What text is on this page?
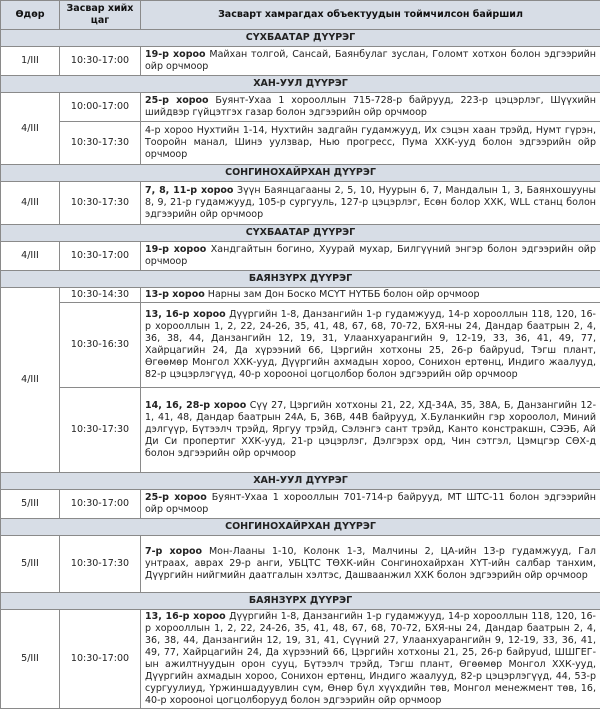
Өдөр	Засвар хийх цаг	Засварт хамрагдах объектуудын тоймчилсон байршил
СҮХБААТАР ДҮҮРЭГ		
1/III	10:30-17:00	19-р хороо Майхан толгой, Сансай, Баянбулаг зуслан, Голомт хотхон болон эдгээрийн ойр орчмоор
ХАН-УУЛ ДҮҮРЭГ		
4/III	10:00-17:00	25-р хороо Буянт-Ухаа 1 хорооллын 715-728-р байрууд, 223-р цэцэрлэг, Шүүхийн шийдвэр гүйцэтгэх газар болон эдгээрийн ойр орчмоор
	10:30-17:30	4-р хороо Нухтийн 1-14, Нухтийн задгайн гудамжууд, Их сэцэн хаан трэйд, Нумт гүрэн, Тооройн манал, Шинэ уулзвар, Нью прогресс, Пума ХХК-ууд болон эдгээрийн ойр орчмоор
СОНГИНОХАЙРХАН ДҮҮРЭГ		
4/III	10:30-17:30	7, 8, 11-р хороо Зүүн Баянцагааны 2, 5, 10, Нуурын 6, 7, Мандалын 1, 3, Баянхошууны 8, 9, 21-р гудамжууд, 105-р сургууль, 127-р цэцэрлэг, Есөн болор ХХК, WLL станц болон эдгээрийн ойр орчмоор
СҮХБААТАР ДҮҮРЭГ		
4/III	10:30-17:00	19-р хороо Хандгайтын богино, Хуурай мухар, Билгүүний энгэр болон эдгээрийн ойр орчмоор
БАЯНЗҮРХ ДҮҮРЭГ		
4/III	10:30-14:30	13-р хороо Нарны зам Дон Боско МСҮТ НҮТББ болон ойр орчмоор
	10:30-16:30	13, 16-р хороо Дүүргийн 1-8, Данзангийн 1-р гудамжууд, 14-р хорооллын 118, 120, 16-р хорооллын 1, 2, 22, 24-26, 35, 41, 48, 67, 68, 70-72, БХЯ-ны 24, Дандар баатрын 2, 4, 36, 38, 44, Данзангийн 12, 19, 31, Улаанхуарангийн 9, 12-19, 33, 36, 41, 49, 77, Хайрцагийн 24, Да хүрээний 66, Цэргийн хотхоны 25, 26-р байруud, Тэгш плант, Өгөөмөр Монгол ХХК-ууд, Дүүргийн ахмадын хороо, Сонихон ертөнц, Индиго жаалууд, 82-р цэцэрлэгүүд, 40-р хороонoi цогцолбор болон эдгээрийн ойр орчмоор
	10:30-17:30	14, 16, 28-р хороо Сүү 27, Цэргийн хотхоны 21, 22, ХД-34А, 35, 38А, Б, Данзангийн 12-1, 41, 48, Дандар баатрын 24А, Б, 36В, 44В байрууд, Х.Буланкийн гэр хороолол, Миний дэлгүүр, Бүтээлч трэйд, Яргуу трэйд, Сэлэнгэ сант трэйд, Канто констракшн, СЭЭБ, Ай Ди Си пропертиг ХХК-ууд, 21-р цэцэрлэг, Дэлгэрэх орд, Чин сэтгэл, Цэмцгэр СӨХ-д болон эдгээрийн ойр орчмоор
ХАН-УУЛ ДҮҮРЭГ		
5/III	10:30-17:00	25-р хороо Буянт-Ухаа 1 хорооллын 701-714-р байрууд, МТ ШТС-11 болон эдгээрийн ойр орчмоор
СОНГИНОХАЙРХАН ДҮҮРЭГ		
5/III	10:30-17:30	7-р хороо Мон-Лааны 1-10, Колонк 1-3, Малчины 2, ЦА-ийн 13-р гудамжууд, Гал унтраах, аврах 29-р анги, УБЦТС ТӨХК-ийн Сонгинохайрхан ХҮТ-ийн салбар танхим, Дүүргийн нийгмийн даатгалын хэлтэс, Дашваанжил ХХК болон эдгээрийн ойр орчмоор
БАЯНЗҮРХ ДҮҮРЭГ		
5/III	10:30-17:00	13, 16-р хороо Дүүргийн 1-8, Данзангийн 1-р гудамжууд, 14-р хорооллын 118, 120, 16-р хорооллын 1, 2, 22, 24-26, 35, 41, 48, 67, 68, 70-72, БХЯ-ны 24, Дандар баатрын 2, 4, 36, 38, 44, Данзангийн 12, 19, 31, 41, Сүүний 27, Улаанхуарангийн 9, 12-19, 33, 36, 41, 49, 77, Хайрцагийн 24, Да хүрээний 66, Цэргийн хотхоны 21, 25, 26-р байруud, ШШГЕГ-ын ажилтнуудын орон сууц, Бүтээлч трэйд, Тэгш плант, Өгөөмөр Монгол ХХК-ууд, Дүүргийн ахмадын хороо, Сонихон ертөнц, Индиго жаалууд, 82-р цэцэрлэгүүд, 44, 53-р сургуулиуд, Үржиншадуувлин сүм, Өнөр бүл хүүхдийн төв, Монгол менежмент төв, 16, 40-р хороонoi цогцолборууд болон эдгээрийн ойр орчмоор
